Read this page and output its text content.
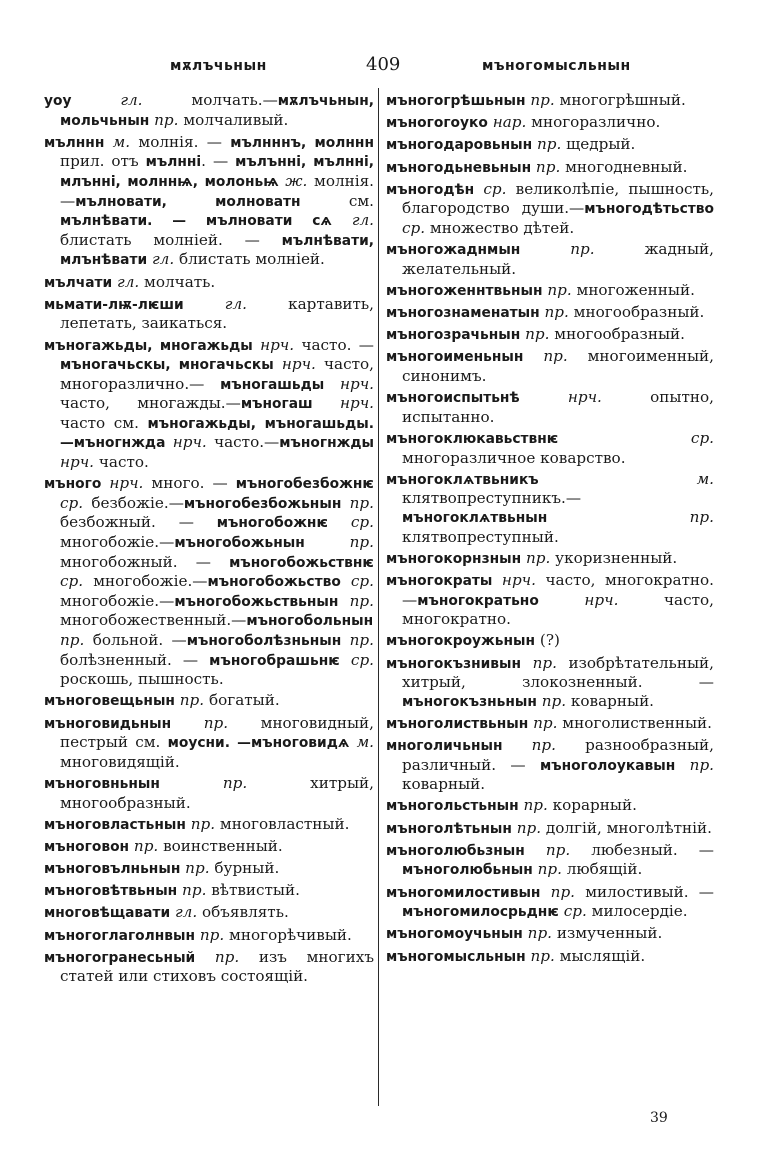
мѫлъчьнын	409	мъногомысльнын

уоу гл. молчать.—мѫлъчьнын, мольчьнын пр. молчаливый.

мълннн м. молнія. — мълнннъ, молннн прил. отъ мълнні. — мълънні, мълнні, млънні, молннѩ, молоньѩ ж. молнія.—мълновати, молноватн см. мълнѣвати. — мълновати сѧ гл. блистать молніей. — мълнѣвати, млънѣвати гл. блистать молніей.

мълчати гл. молчать.

мьмати-лѭ-лѥши гл. картавить, лепетать, заикаться.

мъногажьды, многажьды нрч. часто. — мъногачьскы, многачьскы нрч. часто, многоразлично.— мъногашьды нрч. часто, многажды.—мъногаш нрч. часто см. мъногажьды, мъногашьды.—мъногнжда нрч. часто.—мъногнжды нрч. часто.

мъного нрч. много. — мъногобезбожнѥ ср. безбожіе.—мъногобезбожьнын пр. безбожный. — мъногобожнѥ ср. многобожіе.—мъногобожьнын пр. многобожный. — мъногобожьствнѥ ср. многобожіе.—мъногобожьство ср. многобожіе.—мъногобожьствьнын пр. многобожественный.—мъногобольнын пр. больной. —мъногоболѣзньнын пр. болѣзненный. — мъногобрашьнѥ ср. роскошь, пышность.

мъноговещьнын пр. богатый.

мъноговидьнын пр. многовидный, пестрый см. моусни. —мъноговидѧ м. многовидящій.

мъноговньнын пр. хитрый, многообразный.

мъноговластьнын пр. многовластный.

мъноговон пр. воинственный.

мъноговълньнын пр. бурный.

мъноговѣтвьнын пр. вѣтвистый.

многовѣщавати гл. объявлять.

мъногоглаголнвын пр. многорѣчивый.

мъногогранесьный пр. изъ многихъ статей или стиховъ состоящій.

мъногогрѣшьнын пр. многогрѣшный.

мъногогоуко нар. многоразлично.

мъногодаровьнын пр. щедрый.

мъногодьневьнын пр. многодневный.

мъногодѣн ср. великолѣпіе, пышность, благородство души.—мъногодѣтьство ср. множество дѣтей.

мъногожаднмын пр. жадный, желательный.

мъногоженнтвьнын пр. многоженный.

мъногознаменатын пр. многообразный.

мъногозрачьнын пр. многообразный.

мъногоименьнын пр. многоименный, синонимъ.

мъногоиспытьнѣ нрч. опытно, испытанно.

мъногоклюкавьствнѥ ср. многоразличное коварство.

мъногоклѧтвьникъ м. клятвопреступникъ.—мъногоклѧтвьнын пр. клятвопреступный.

мъногокорнзнын пр. укоризненный.

мъногократы нрч. часто, многократно.—мъногократьно нрч. часто, многократно.

мъногокроужьнын (?)

мъногокъзнивын пр. изобрѣтательный, хитрый, злокозненный. — мъногокъзньнын пр. коварный.

мъноголиствьнын пр. многолиственный.

многоличьнын пр. разнообразный, различный. — мъноголоукавын пр. коварный.

мъногольстьнын пр. корарный.

мъноголѣтьнын пр. долгій, многолѣтній.

мъноголюбьзнын пр. любезный. —мъноголюбьнын пр. любящій.

мъногомилостивын пр. милостивый. — мъногомилосрьднѥ ср. милосердіе.

мъногомоучьнын пр. измученный.

мъногомысльнын пр. мыслящій.

39
